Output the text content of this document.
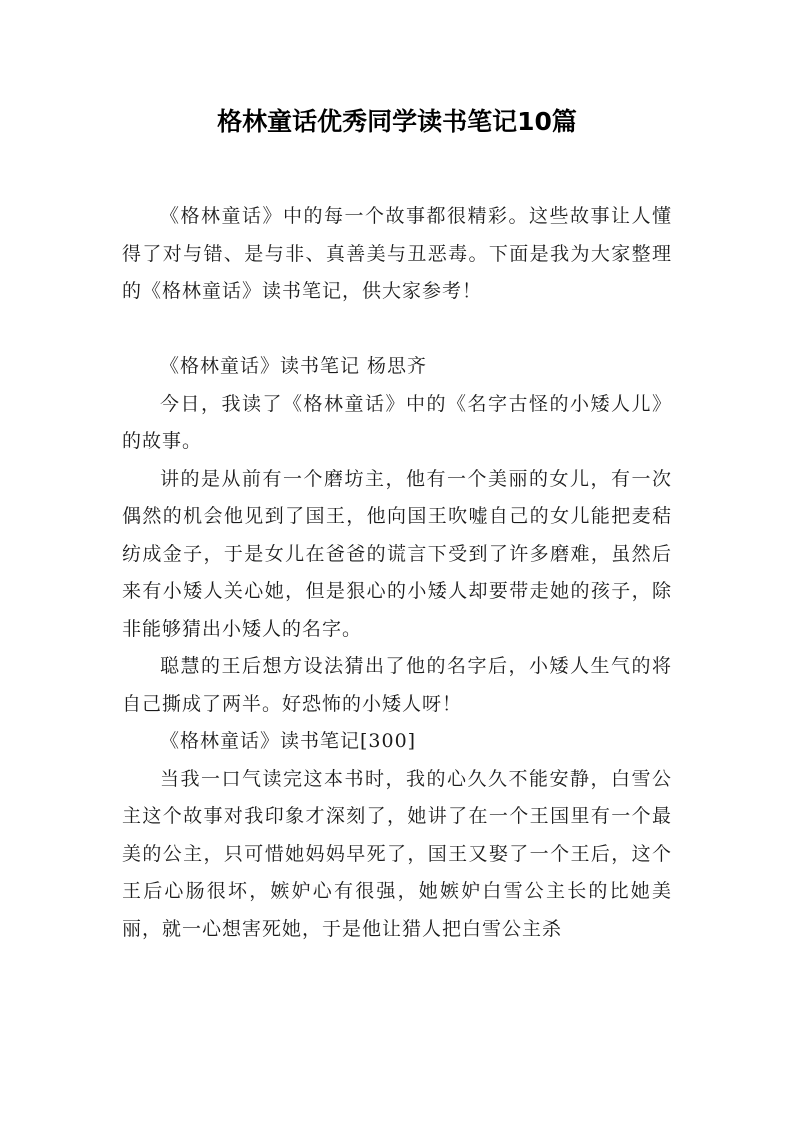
格林童话优秀同学读书笔记10篇

《格林童话》中的每一个故事都很精彩。这些故事让人懂得了对与错、是与非、真善美与丑恶毒。下面是我为大家整理的《格林童话》读书笔记，供大家参考！

《格林童话》读书笔记 杨思齐

今日，我读了《格林童话》中的《名字古怪的小矮人儿》的故事。

讲的是从前有一个磨坊主，他有一个美丽的女儿，有一次偶然的机会他见到了国王，他向国王吹嘘自己的女儿能把麦秸纺成金子，于是女儿在爸爸的谎言下受到了许多磨难，虽然后来有小矮人关心她，但是狠心的小矮人却要带走她的孩子，除非能够猜出小矮人的名字。

聪慧的王后想方设法猜出了他的名字后，小矮人生气的将自己撕成了两半。好恐怖的小矮人呀！

《格林童话》读书笔记[300]

当我一口气读完这本书时，我的心久久不能安静，白雪公主这个故事对我印象才深刻了，她讲了在一个王国里有一个最美的公主，只可惜她妈妈早死了，国王又娶了一个王后，这个王后心肠很坏，嫉妒心有很强，她嫉妒白雪公主长的比她美丽，就一心想害死她，于是他让猎人把白雪公主杀
